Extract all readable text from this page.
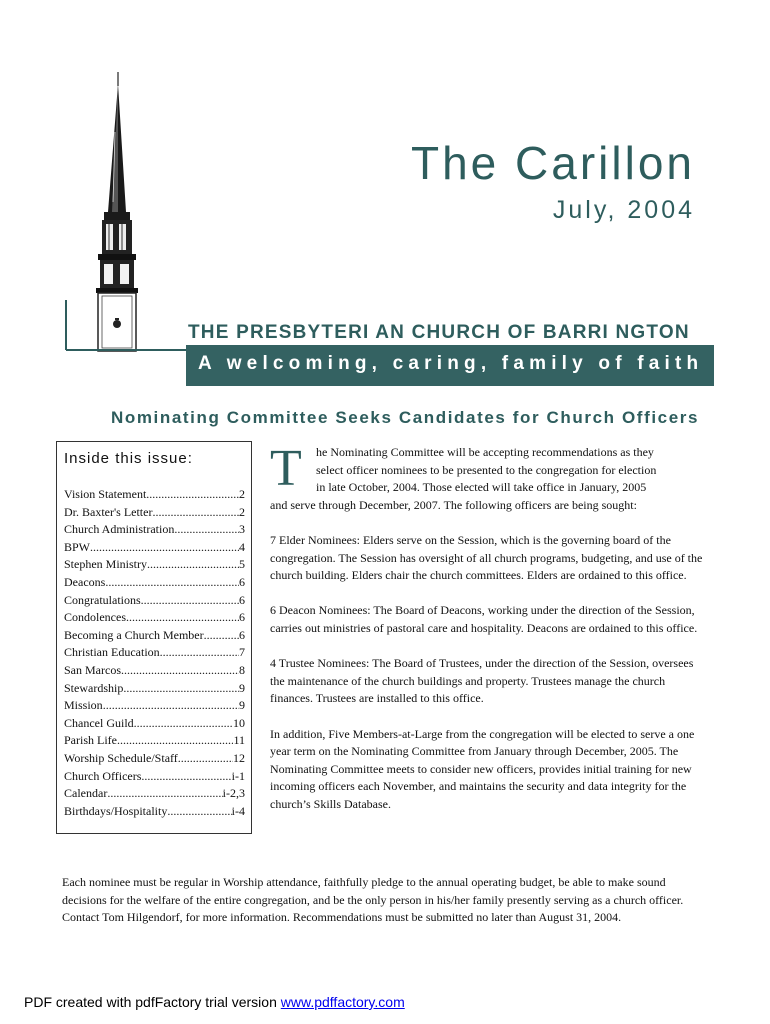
The Carillon
July, 2004
THE PRESBYTERI AN CHURCH OF BARRI NGTON
A welcoming, caring, family of faith
Nominating Committee Seeks Candidates for Church Officers
Inside this issue:
Vision Statement .....	2
Dr. Baxter's Letter .....	2
Church Administration .....	3
BPW .....	4
Stephen Ministry .....	5
Deacons .....	6
Congratulations .....	6
Condolences .....	6
Becoming a Church Member .....	6
Christian Education .....	7
San Marcos .....	8
Stewardship .....	9
Mission .....	9
Chancel Guild .....	10
Parish Life .....	11
Worship Schedule/Staff .....	12
Church Officers .....	i-1
Calendar .....	i-2,3
Birthdays/Hospitality .....	i-4
T	he Nominating Committee will be accepting recommendations as they
select officer nominees to be presented to the congregation for election
in late October, 2004. Those elected will take office in January, 2005
and serve through December, 2007. The following officers are being sought:

7 Elder Nominees: Elders serve on the Session, which is the governing board of the congregation. The Session has oversight of all church programs, budgeting, and use of the church building. Elders chair the church committees. Elders are ordained to this office.

6 Deacon Nominees: The Board of Deacons, working under the direction of the Session, carries out ministries of pastoral care and hospitality. Deacons are ordained to this office.

4 Trustee Nominees: The Board of Trustees, under the direction of the Session, oversees the maintenance of the church buildings and property. Trustees manage the church finances. Trustees are installed to this office.

In addition, Five Members-at-Large from the congregation will be elected to serve a one year term on the Nominating Committee from January through December, 2005. The Nominating Committee meets to consider new officers, provides initial training for new incoming officers each November, and maintains the security and data integrity for the church’s Skills Database.

Each nominee must be regular in Worship attendance, faithfully pledge to the annual operating budget, be able to make sound decisions for the welfare of the entire congregation, and be the only person in his/her family presently serving as a church officer. Contact Tom Hilgendorf, for more information. Recommendations must be submitted no later than August 31, 2004.
PDF created with pdfFactory trial version www.pdffactory.com
